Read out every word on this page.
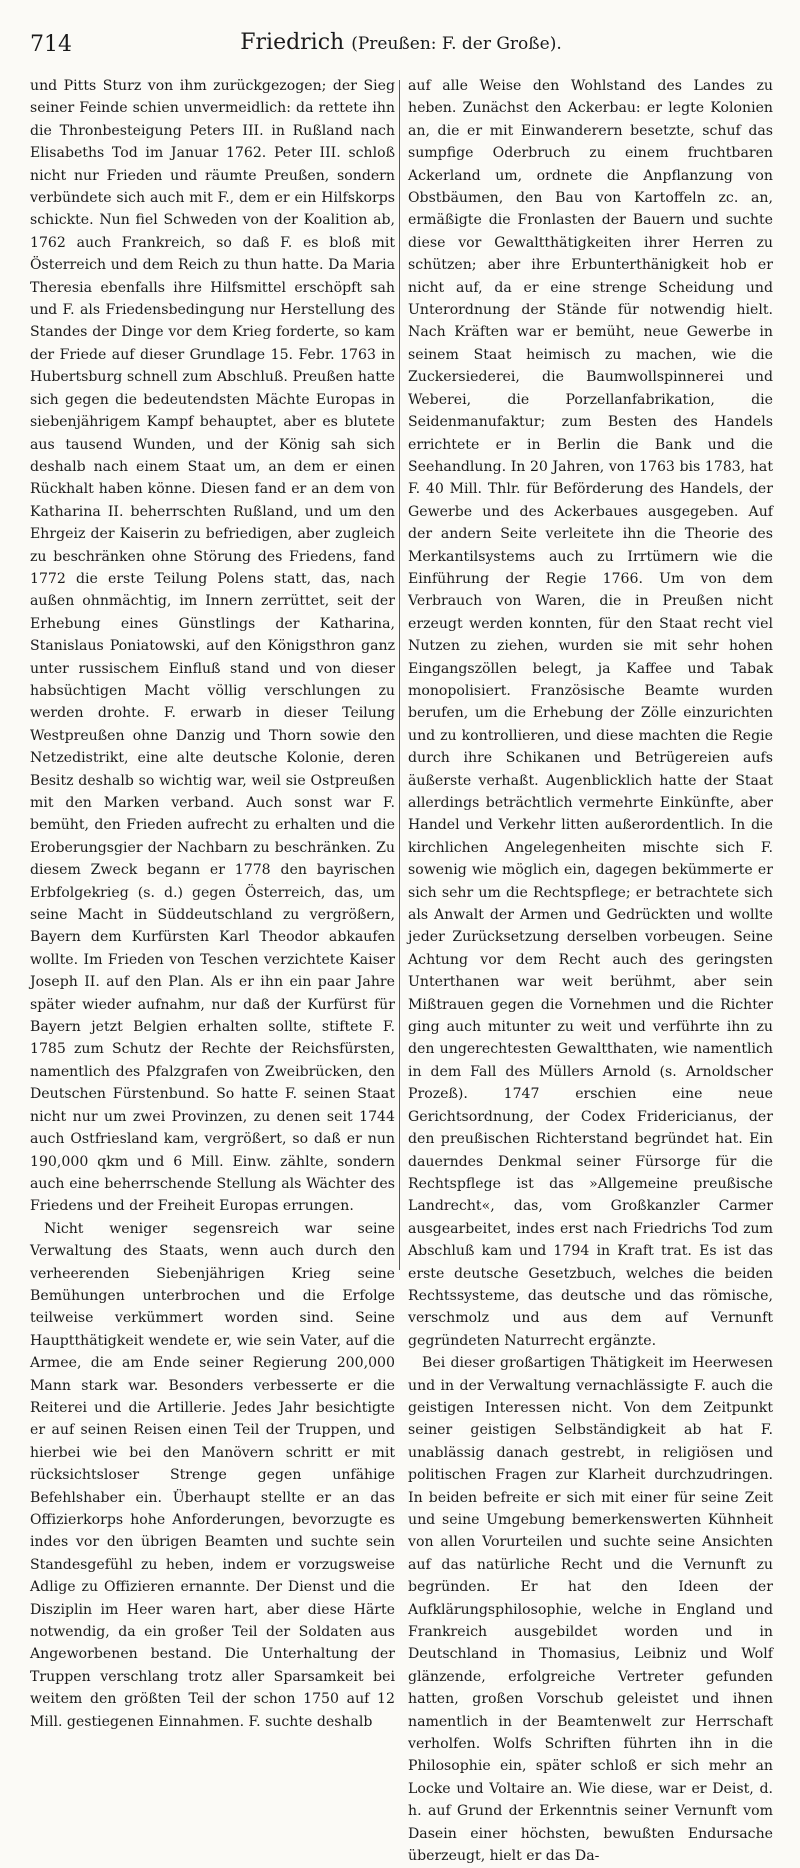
714	Friedrich (Preußen: F. der Große).

und Pitts Sturz von ihm zurückgezogen; der Sieg seiner Feinde schien unvermeidlich: da rettete ihn die Thronbesteigung Peters III. in Rußland nach Elisabeths Tod im Januar 1762. Peter III. schloß nicht nur Frieden und räumte Preußen, sondern verbündete sich auch mit F., dem er ein Hilfskorps schickte. Nun fiel Schweden von der Koalition ab, 1762 auch Frankreich, so daß F. es bloß mit Österreich und dem Reich zu thun hatte. Da Maria Theresia ebenfalls ihre Hilfsmittel erschöpft sah und F. als Friedensbedingung nur Herstellung des Standes der Dinge vor dem Krieg forderte, so kam der Friede auf dieser Grundlage 15. Febr. 1763 in Hubertsburg schnell zum Abschluß. Preußen hatte sich gegen die bedeutendsten Mächte Europas in siebenjährigem Kampf behauptet, aber es blutete aus tausend Wunden, und der König sah sich deshalb nach einem Staat um, an dem er einen Rückhalt haben könne. Diesen fand er an dem von Katharina II. beherrschten Rußland, und um den Ehrgeiz der Kaiserin zu befriedigen, aber zugleich zu beschränken ohne Störung des Friedens, fand 1772 die erste Teilung Polens statt, das, nach außen ohnmächtig, im Innern zerrüttet, seit der Erhebung eines Günstlings der Katharina, Stanislaus Poniatowski, auf den Königsthron ganz unter russischem Einfluß stand und von dieser habsüchtigen Macht völlig verschlungen zu werden drohte. F. erwarb in dieser Teilung Westpreußen ohne Danzig und Thorn sowie den Netzedistrikt, eine alte deutsche Kolonie, deren Besitz deshalb so wichtig war, weil sie Ostpreußen mit den Marken verband. Auch sonst war F. bemüht, den Frieden aufrecht zu erhalten und die Eroberungsgier der Nachbarn zu beschränken. Zu diesem Zweck begann er 1778 den bayrischen Erbfolgekrieg (s. d.) gegen Österreich, das, um seine Macht in Süddeutschland zu vergrößern, Bayern dem Kurfürsten Karl Theodor abkaufen wollte. Im Frieden von Teschen verzichtete Kaiser Joseph II. auf den Plan. Als er ihn ein paar Jahre später wieder aufnahm, nur daß der Kurfürst für Bayern jetzt Belgien erhalten sollte, stiftete F. 1785 zum Schutz der Rechte der Reichsfürsten, namentlich des Pfalzgrafen von Zweibrücken, den Deutschen Fürstenbund. So hatte F. seinen Staat nicht nur um zwei Provinzen, zu denen seit 1744 auch Ostfriesland kam, vergrößert, so daß er nun 190,000 qkm und 6 Mill. Einw. zählte, sondern auch eine beherrschende Stellung als Wächter des Friedens und der Freiheit Europas errungen.

Nicht weniger segensreich war seine Verwaltung des Staats, wenn auch durch den verheerenden Siebenjährigen Krieg seine Bemühungen unterbrochen und die Erfolge teilweise verkümmert worden sind. Seine Hauptthätigkeit wendete er, wie sein Vater, auf die Armee, die am Ende seiner Regierung 200,000 Mann stark war. Besonders verbesserte er die Reiterei und die Artillerie. Jedes Jahr besichtigte er auf seinen Reisen einen Teil der Truppen, und hierbei wie bei den Manövern schritt er mit rücksichtsloser Strenge gegen unfähige Befehlshaber ein. Überhaupt stellte er an das Offizierkorps hohe Anforderungen, bevorzugte es indes vor den übrigen Beamten und suchte sein Standesgefühl zu heben, indem er vorzugsweise Adlige zu Offizieren ernannte. Der Dienst und die Disziplin im Heer waren hart, aber diese Härte notwendig, da ein großer Teil der Soldaten aus Angeworbenen bestand. Die Unterhaltung der Truppen verschlang trotz aller Sparsamkeit bei weitem den größten Teil der schon 1750 auf 12 Mill. gestiegenen Einnahmen. F. suchte deshalb

auf alle Weise den Wohlstand des Landes zu heben. Zunächst den Ackerbau: er legte Kolonien an, die er mit Einwanderern besetzte, schuf das sumpfige Oderbruch zu einem fruchtbaren Ackerland um, ordnete die Anpflanzung von Obstbäumen, den Bau von Kartoffeln zc. an, ermäßigte die Fronlasten der Bauern und suchte diese vor Gewaltthätigkeiten ihrer Herren zu schützen; aber ihre Erbunterthänigkeit hob er nicht auf, da er eine strenge Scheidung und Unterordnung der Stände für notwendig hielt. Nach Kräften war er bemüht, neue Gewerbe in seinem Staat heimisch zu machen, wie die Zuckersiederei, die Baumwollspinnerei und Weberei, die Porzellanfabrikation, die Seidenmanufaktur; zum Besten des Handels errichtete er in Berlin die Bank und die Seehandlung. In 20 Jahren, von 1763 bis 1783, hat F. 40 Mill. Thlr. für Beförderung des Handels, der Gewerbe und des Ackerbaues ausgegeben. Auf der andern Seite verleitete ihn die Theorie des Merkantilsystems auch zu Irrtümern wie die Einführung der Regie 1766. Um von dem Verbrauch von Waren, die in Preußen nicht erzeugt werden konnten, für den Staat recht viel Nutzen zu ziehen, wurden sie mit sehr hohen Eingangszöllen belegt, ja Kaffee und Tabak monopolisiert. Französische Beamte wurden berufen, um die Erhebung der Zölle einzurichten und zu kontrollieren, und diese machten die Regie durch ihre Schikanen und Betrügereien aufs äußerste verhaßt. Augenblicklich hatte der Staat allerdings beträchtlich vermehrte Einkünfte, aber Handel und Verkehr litten außerordentlich. In die kirchlichen Angelegenheiten mischte sich F. sowenig wie möglich ein, dagegen bekümmerte er sich sehr um die Rechtspflege; er betrachtete sich als Anwalt der Armen und Gedrückten und wollte jeder Zurücksetzung derselben vorbeugen. Seine Achtung vor dem Recht auch des geringsten Unterthanen war weit berühmt, aber sein Mißtrauen gegen die Vornehmen und die Richter ging auch mitunter zu weit und verführte ihn zu den ungerechtesten Gewaltthaten, wie namentlich in dem Fall des Müllers Arnold (s. Arnoldscher Prozeß). 1747 erschien eine neue Gerichtsordnung, der Codex Fridericianus, der den preußischen Richterstand begründet hat. Ein dauerndes Denkmal seiner Fürsorge für die Rechtspflege ist das »Allgemeine preußische Landrecht«, das, vom Großkanzler Carmer ausgearbeitet, indes erst nach Friedrichs Tod zum Abschluß kam und 1794 in Kraft trat. Es ist das erste deutsche Gesetzbuch, welches die beiden Rechtssysteme, das deutsche und das römische, verschmolz und aus dem auf Vernunft gegründeten Naturrecht ergänzte.

Bei dieser großartigen Thätigkeit im Heerwesen und in der Verwaltung vernachlässigte F. auch die geistigen Interessen nicht. Von dem Zeitpunkt seiner geistigen Selbständigkeit ab hat F. unablässig danach gestrebt, in religiösen und politischen Fragen zur Klarheit durchzudringen. In beiden befreite er sich mit einer für seine Zeit und seine Umgebung bemerkenswerten Kühnheit von allen Vorurteilen und suchte seine Ansichten auf das natürliche Recht und die Vernunft zu begründen. Er hat den Ideen der Aufklärungsphilosophie, welche in England und Frankreich ausgebildet worden und in Deutschland in Thomasius, Leibniz und Wolf glänzende, erfolgreiche Vertreter gefunden hatten, großen Vorschub geleistet und ihnen namentlich in der Beamtenwelt zur Herrschaft verholfen. Wolfs Schriften führten ihn in die Philosophie ein, später schloß er sich mehr an Locke und Voltaire an. Wie diese, war er Deist, d. h. auf Grund der Erkenntnis seiner Vernunft vom Dasein einer höchsten, bewußten Endursache überzeugt, hielt er das Da-
